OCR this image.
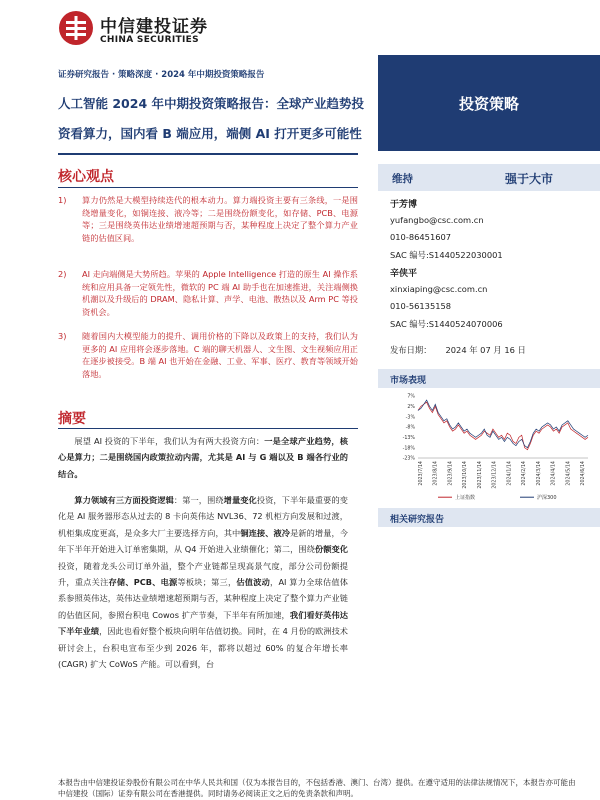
中信建投证券
CHINA SECURITIES
证券研究报告 · 策略深度 · 2024 年中期投资策略报告
人工智能 2024 年中期投资策略报告：全球产业趋势投
资看算力，国内看 B 端应用，端侧 AI 打开更多可能性
投资策略
核心观点
1)	算力仍然是大模型持续迭代的根本动力。算力端投资主要有三条线，一是围绕增量变化，如铜连接、液冷等；二是围绕份额变化，如存储、PCB、电源等；三是围绕英伟达业绩增速超预期与否，某种程度上决定了整个算力产业链的估值区间。
2)	AI 走向端侧是大势所趋。苹果的 Apple Intelligence 打造的原生 AI 操作系统和应用具备一定领先性，微软的 PC 端 AI 助手也在加速推进，关注端侧换机潮以及升级后的 DRAM、隐私计算、声学、电池、散热以及 Arm PC 等投资机会。
3)	随着国内大模型能力的提升、调用价格的下降以及政策上的支持，我们认为更多的 AI 应用将会逐步落地。C 端的聊天机器人、文生图、文生视频应用正在逐步被接受。B 端 AI 也开始在金融、工业、军事、医疗、教育等领域开始落地。
摘要
展望 AI 投资的下半年，我们认为有两大投资方向：一是全球产业趋势，核心是算力；二是围绕国内政策拉动内需，尤其是 AI 与 G 端以及 B 端各行业的结合。
算力领域有三方面投资逻辑：第一，围绕增量变化投资，下半年最重要的变化是 AI 服务器形态从过去的 8 卡向英伟达 NVL36、72 机柜方向发展和过渡，机柜集成度更高，是众多大厂主要选择方向，其中铜连接、液冷是新的增量，今年下半年开始进入订单密集期，从 Q4 开始进入业绩催化；第二，围绕份额变化投资，随着龙头公司订单外溢，整个产业链都呈现高景气度，部分公司份额提升，重点关注存储、PCB、电源等板块；第三，估值波动，AI 算力全球估值体系参照英伟达，英伟达业绩增速超预期与否，某种程度上决定了整个算力产业链的估值区间，参照台积电 Cowos 扩产节奏，下半年有所加速，我们看好英伟达下半年业绩，因此也看好整个板块向明年估值切换。同时，在 4 月份的欧洲技术研讨会上，台积电宣布至少到 2026 年，都将以超过 60% 的复合年增长率 (CAGR) 扩大 CoWoS 产能。可以看到，台
维持	强于大市
于芳博
yufangbo@csc.com.cn
010-86451607
SAC 编号:S1440522030001
辛侠平
xinxiaping@csc.com.cn
010-56135158
SAC 编号:S1440524070006
发布日期： 2024 年 07 月 16 日
市场表现
7%
2%
-3%
-8%
-13%
-18%
-23%
2023/7/14 2023/8/14 2023/9/14 2023/10/14 2023/11/14 2023/12/14 2024/1/14 2024/2/14 2024/3/14 2024/4/14 2024/5/14 2024/6/14
上证指数	沪深300
相关研究报告
本报告由中信建投证券股份有限公司在中华人民共和国（仅为本报告目的，不包括香港、澳门、台湾）提供。在遵守适用的法律法规情况下，本报告亦可能由中信建投（国际）证券有限公司在香港提供。同时请务必阅读正文之后的免责条款和声明。
